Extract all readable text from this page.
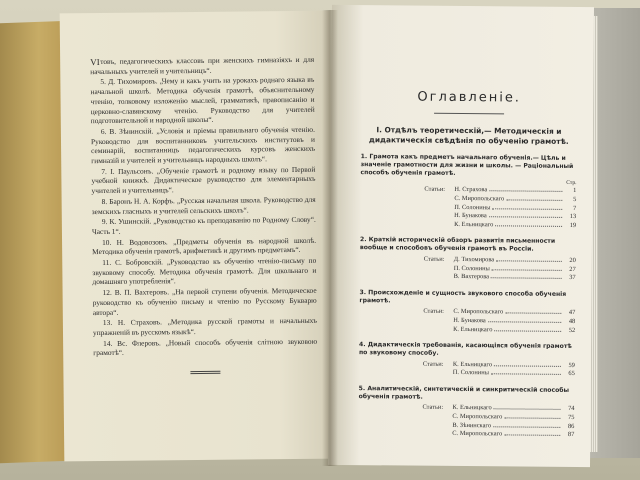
VI товъ, педагогическихъ классовъ при женскихъ гимназіяхъ и для начальныхъ учителей и учительницъ“.

5. Д. Тихомировъ. „Чему и какъ учить на урокахъ роднаго языка въ начальной школѣ. Методика обученія грамотѣ, объяснительному чтенію, толковому изложенію мыслей, грамматикѣ, правописанію и церковно-славянскому чтенію. Руководство для учителей подготовительной и народной школы“.

6. В. Зѣнинскій. „Условія и пріемы правильнаго обученія чтенію. Руководство для воспитанниковъ учительскихъ институтовъ и семинарій, воспитанницъ педагогическихъ курсовъ женскихъ гимназій и учителей и учительницъ народныхъ школъ“.

7. І. Паульсонъ. „Обученіе грамотѣ и родному языку по Первой учебной книжкѣ. Дидактическое руководство для элементарныхъ учителей и учительницъ“.

8. Баронъ Н. А. Корфъ. „Русская начальная школа. Руководство для земскихъ гласныхъ и учителей сельскихъ школъ“.

9. К. Ушинскій. „Руководство къ преподаванію по Родному Слову“. Часть 1“.

10. Н. Водовозовъ. „Предметы обученія въ народной школѣ. Методика обученія грамотѣ, арифметикѣ и другимъ предметамъ“.

11. С. Бобровскій. „Руководство къ обученію чтенію-письму по звуковому способу. Методика обученія грамотѣ. Для школьнаго и домашняго употребленія“.

12. В. П. Вахтеровъ. „На первой ступени обученія. Методическое руководство къ обученію письму и чтенію по Русскому Букварю автора“.

13. Н. Страховъ. „Методика русской грамоты и начальныхъ упражненій въ русскомъ языкѣ“.

14. Вс. Флеровъ. „Новый способъ обученія слітною звуковою грамотѣ“.

Оглавленіе.
I. Отдѣлъ теоретическій,— Методическія и дидактическія свѣдѣнія по обученію грамотѣ.
1. Грамота какъ предметъ начальнаго обученія.— Цѣль и значеніе грамотности для жизни и школы. — Раціональный способъ обученія грамотѣ.
Стр.
Статьи:	Н. Страхова	1
С. Миропольскаго	5
П. Солонины	7
Н. Бунакова	13
К. Ельницкаго	19
2. Краткій историческій обзоръ развитія письменности вообще и способовъ обученія грамотѣ въ Россіи.
Статьи:	Д. Тихомирова	20
П. Солонины	27
В. Вахтерова	37
3. Происхожденіе и сущность звукового способа обученія грамотѣ.
Статьи:	С. Миропольскаго	47
Н. Бунакова	48
К. Ельницкаго	52
4. Дидактическія требованія, касающіяся обученія грамотѣ по звуковому способу.
Статьи:	К. Ельницкаго	59
П. Солонины	65
5. Аналитическій, синтетическій и синкритическій способы обученія грамотѣ.
Статьи:	К. Ельницкаго	74
С. Миропольскаго	75
В. Зѣнинскаго	86
С. Миропольскаго	87
